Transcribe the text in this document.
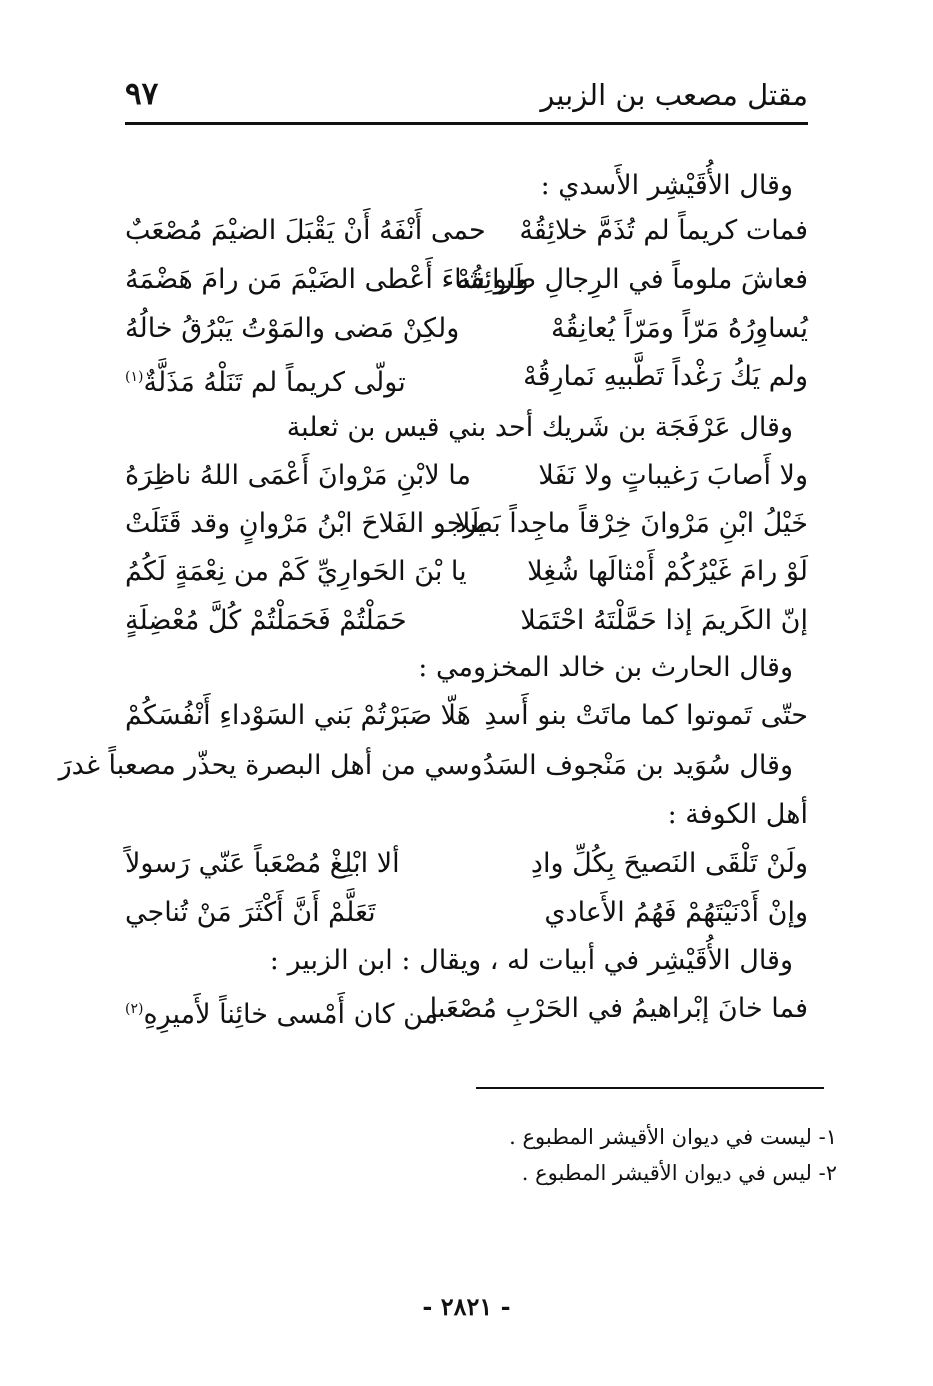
مقتل مصعب بن الزبير
٩٧
وقال الأُقَيْشِر الأَسدي :
فمات كريماً لم تُذَمَّ خلائِقُهْ
حمى أَنْفَهُ أَنْ يَقْبَلَ الضيْمَ مُصْعَبٌ
فعاشَ ملوماً في الرِجالِ طَرائِقُهْ
ولو شاءَ أَعْطى الضَيْمَ مَن رامَ هَضْمَهُ
يُساوِرُهُ مَرّاً ومَرّاً يُعانِقُهْ
ولكِنْ مَضى والمَوْتُ يَبْرُقُ خالُهُ
ولم يَكُ رَغْداً تَطَّبيهِ نَمارِقُهْ
تولّى كريماً لم تَنَلْهُ مَذَلَّةٌ$^{(١)}$
وقال عَرْفَجَة بن شَريك أحد بني قيس بن ثعلبة
ولا أَصابَ رَغيباتٍ ولا نَفَلا
ما لابْنِ مَرْوانَ أَعْمَى اللهُ ناظِرَهُ
خَيْلُ ابْنِ مَرْوانَ خِرْقاً ماجِداً بَطَلا
يرجو الفَلاحَ ابْنُ مَرْوانٍ وقد قَتَلَتْ
لَوْ رامَ غَيْرُكُمْ أَمْثالَها شُغِلا
يا بْنَ الحَوارِيِّ كَمْ من نِعْمَةٍ لَكُمُ
إنّ الكَريمَ إذا حَمَّلْتَهُ احْتَمَلا
حَمَلْتُمْ فَحَمَلْتُمْ كُلَّ مُعْضِلَةٍ
وقال الحارث بن خالد المخزومي :
حتّى تَموتوا كما ماتَتْ بنو أَسدِ
هَلّا صَبَرْتُمْ بَني السَوْداءِ أَنْفُسَكُمْ
وقال سُوَيد بن مَنْجوف السَدُوسي من أهل البصرة يحذّر مصعباً غدرَ
أهل الكوفة :
ولَنْ تَلْقَى النَصيحَ بِكُلِّ وادِ
ألا ابْلِغْ مُصْعَباً عَنّي رَسولاً
وإنْ أَدْنَيْتَهُمْ فَهُمُ الأَعادي
تَعَلَّمْ أَنَّ أَكْثَرَ مَنْ تُناجي
وقال الأُقَيْشِر في أبيات له ، ويقال : ابن الزبير :
فما خانَ إبْراهيمُ في الحَرْبِ مُصْعَبا
من كان أَمْسى خائِناً لأَميرِهِ$^{(٢)}$
١- ليست في ديوان الأقيشر المطبوع .
٢- ليس في ديوان الأقيشر المطبوع .
- ٢٨٢١ -
